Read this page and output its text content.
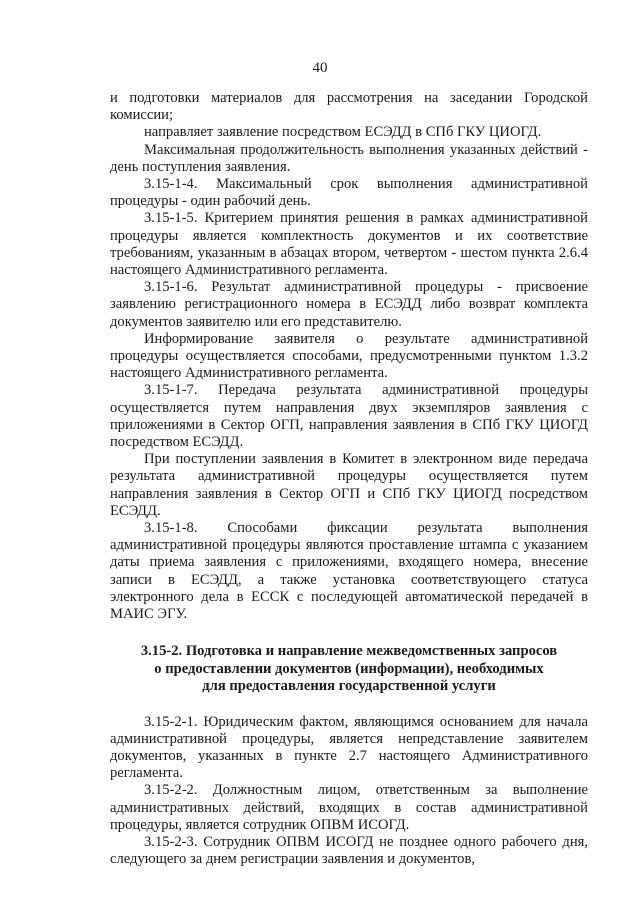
40

и подготовки материалов для рассмотрения на заседании Городской комиссии;

направляет заявление посредством ЕСЭДД в СПб ГКУ ЦИОГД.

Максимальная продолжительность выполнения указанных действий - день поступления заявления.

3.15-1-4. Максимальный срок выполнения административной процедуры - один рабочий день.

3.15-1-5. Критерием принятия решения в рамках административной процедуры является комплектность документов и их соответствие требованиям, указанным в абзацах втором, четвертом - шестом пункта 2.6.4 настоящего Административного регламента.

3.15-1-6. Результат административной процедуры - присвоение заявлению регистрационного номера в ЕСЭДД либо возврат комплекта документов заявителю или его представителю.

Информирование заявителя о результате административной процедуры осуществляется способами, предусмотренными пунктом 1.3.2 настоящего Административного регламента.

3.15-1-7. Передача результата административной процедуры осуществляется путем направления двух экземпляров заявления с приложениями в Сектор ОГП, направления заявления в СПб ГКУ ЦИОГД посредством ЕСЭДД.

При поступлении заявления в Комитет в электронном виде передача результата административной процедуры осуществляется путем направления заявления в Сектор ОГП и СПб ГКУ ЦИОГД посредством ЕСЭДД.

3.15-1-8. Способами фиксации результата выполнения административной процедуры являются проставление штампа с указанием даты приема заявления с приложениями, входящего номера, внесение записи в ЕСЭДД, а также установка соответствующего статуса электронного дела в ЕССК с последующей автоматической передачей в МАИС ЭГУ.

3.15-2. Подготовка и направление межведомственных запросов
о предоставлении документов (информации), необходимых
для предоставления государственной услуги

3.15-2-1. Юридическим фактом, являющимся основанием для начала административной процедуры, является непредставление заявителем документов, указанных в пункте 2.7 настоящего Административного регламента.

3.15-2-2. Должностным лицом, ответственным за выполнение административных действий, входящих в состав административной процедуры, является сотрудник ОПВМ ИСОГД.

3.15-2-3. Сотрудник ОПВМ ИСОГД не позднее одного рабочего дня, следующего за днем регистрации заявления и документов,
